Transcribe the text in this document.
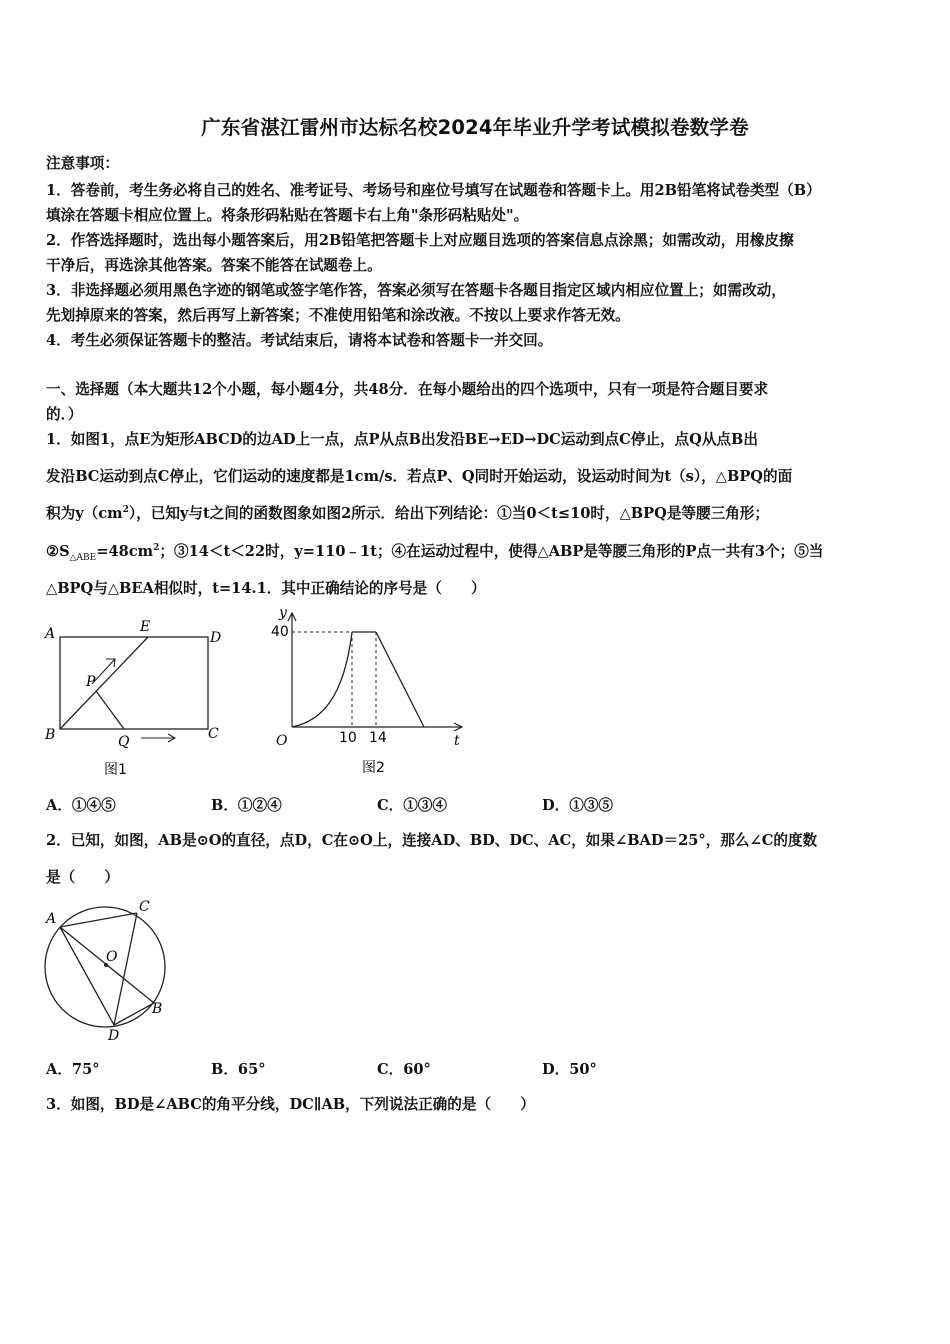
广东省湛江雷州市达标名校2024年毕业升学考试模拟卷数学卷
注意事项：
1．答卷前，考生务必将自己的姓名、准考证号、考场号和座位号填写在试题卷和答题卡上。用2B铅笔将试卷类型（B）
填涂在答题卡相应位置上。将条形码粘贴在答题卡右上角"条形码粘贴处"。
2．作答选择题时，选出每小题答案后，用2B铅笔把答题卡上对应题目选项的答案信息点涂黑；如需改动，用橡皮擦
干净后，再选涂其他答案。答案不能答在试题卷上。
3．非选择题必须用黑色字迹的钢笔或签字笔作答，答案必须写在答题卡各题目指定区域内相应位置上；如需改动，
先划掉原来的答案，然后再写上新答案；不准使用铅笔和涂改液。不按以上要求作答无效。
4．考生必须保证答题卡的整洁。考试结束后，请将本试卷和答题卡一并交回。
一、选择题（本大题共12个小题，每小题4分，共48分．在每小题给出的四个选项中，只有一项是符合题目要求
的．）
1．如图1，点E为矩形ABCD的边AD上一点，点P从点B出发沿BE→ED→DC运动到点C停止，点Q从点B出
发沿BC运动到点C停止，它们运动的速度都是1cm/s．若点P、Q同时开始运动，设运动时间为t（s），△BPQ的面
积为$y(cm^2)$，已知y与t之间的函数图象如图2所示．给出下列结论：①当0＜t≤10时，△BPQ是等腰三角形；
$②S_{\triangle ABE}=48cm^2$；③14＜t＜22时，y=110﹣1t；④在运动过程中，使得△ABP是等腰三角形的P点一共有3个；⑤当
△BPQ与△BEA相似时，t=14.1．其中正确结论的序号是（　　）
A	E
D
P
B	Q	C
图1
y
40
O	10 14	t
图2
A．①④⑤	B．①②④	C．①③④	D．①③⑤
2．已知，如图，AB是⊙O的直径，点D，C在⊙O上，连接AD、BD、DC、AC，如果∠BAD＝25°，那么∠C的度数
是（　　）
A
C
O
B
D
A．75°	B．65°	C．60°	D．50°
3．如图，BD是∠ABC的角平分线，DC∥AB，下列说法正确的是（　　）
